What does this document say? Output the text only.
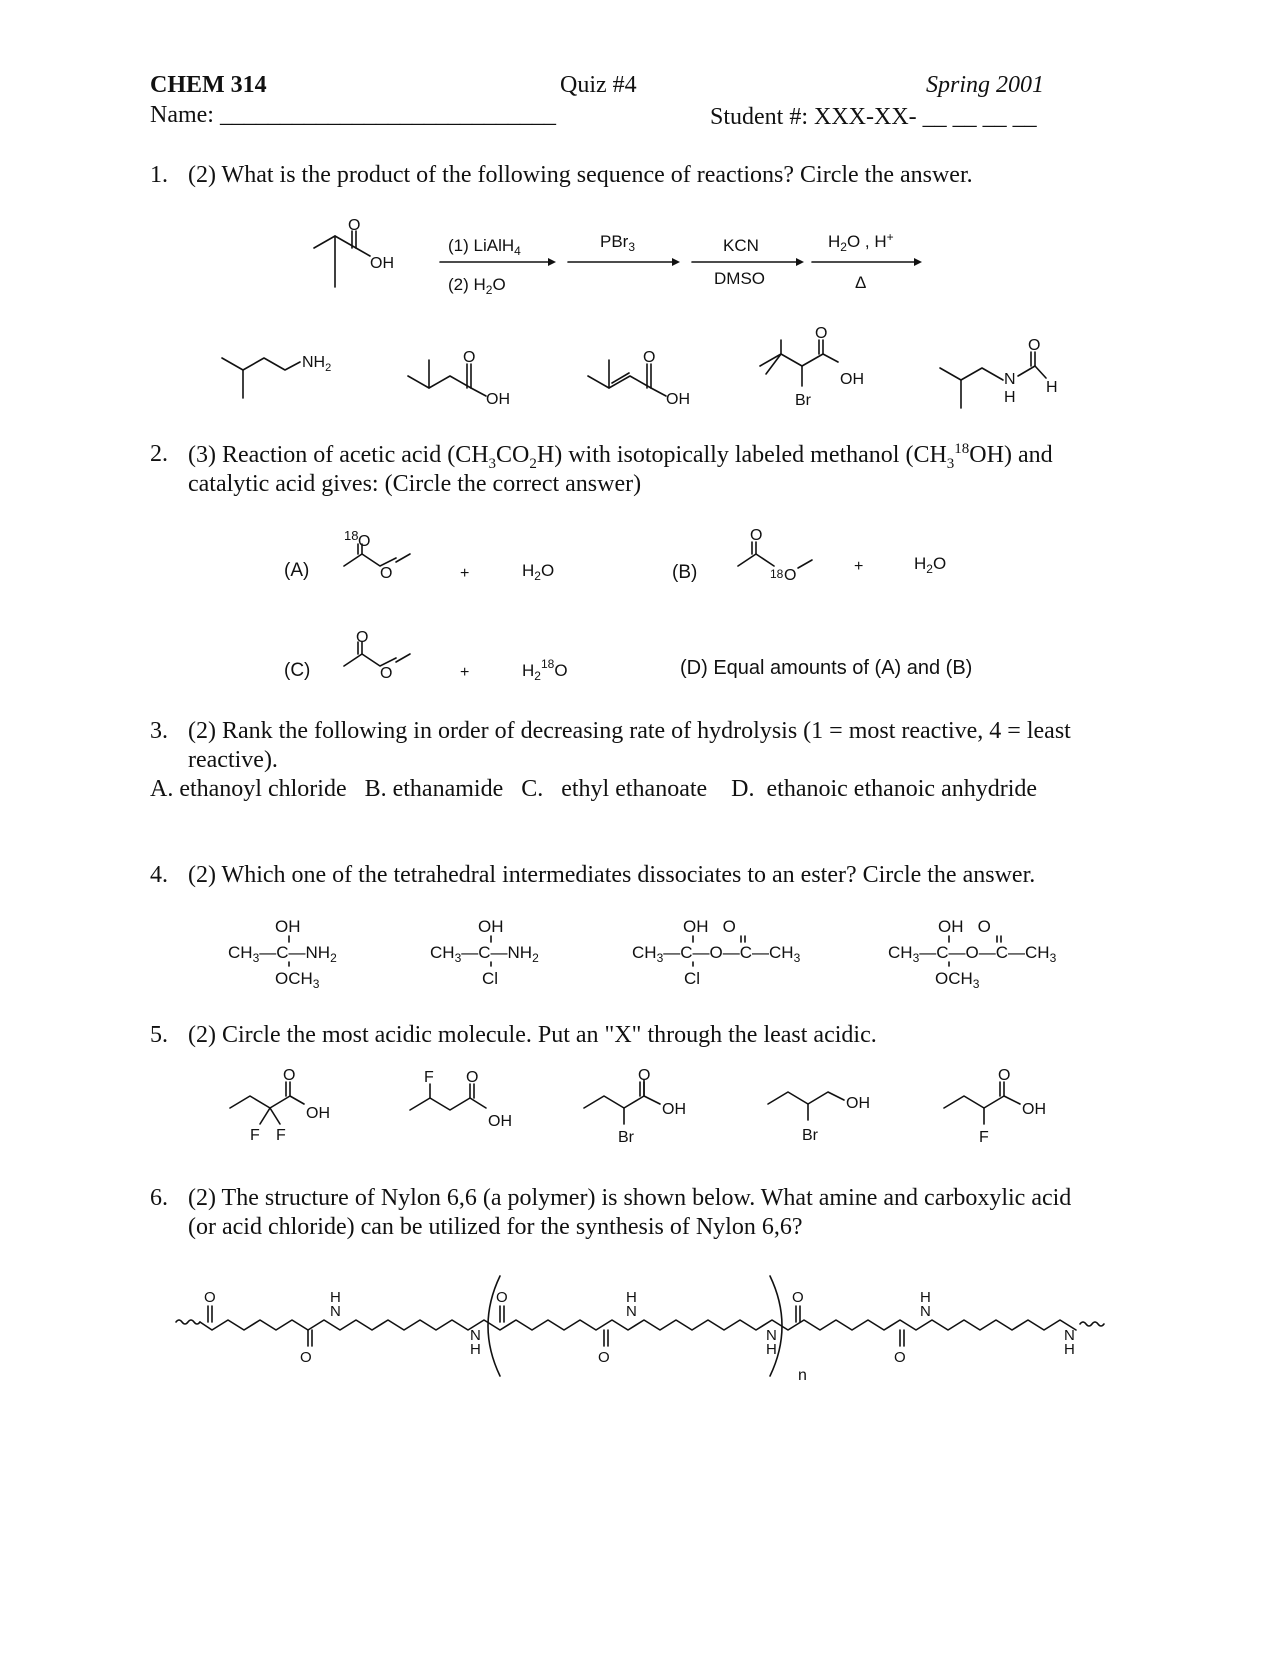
CHEM 314	Quiz #4	Spring 2001
Name: ____________________________	Student #: XXX-XX- __ __ __ __
1. (2) What is the product of the following sequence of reactions? Circle the answer.
2. (3) Reaction of acetic acid $(CH_3CO_2H)$ with isotopically labeled methanol $(CH_3^{18}OH)$ and
catalytic acid gives: (Circle the correct answer)
3. (2) Rank the following in order of decreasing rate of hydrolysis (1 = most reactive, 4 = least
reactive).
A. ethanoyl chloride   B. ethanamide   C.   ethyl ethanoate    D.  ethanoic ethanoic anhydride
4. (2) Which one of the tetrahedral intermediates dissociates to an ester? Circle the answer.
5. (2) Circle the most acidic molecule. Put an "X" through the least acidic.
6. (2) The structure of Nylon 6,6 (a polymer) is shown below. What amine and carboxylic acid
(or acid chloride) can be utilized for the synthesis of Nylon 6,6?
O
OH
(1) LiAlH$_4$
(2) $H_2O$
PBr$_3$	KCN
DMSO
$H_2O$ , H+
Δ
$NH_2$
O
OH
O
OH
O
OH
Br
N
H
O
H
(A)
18 O
O	+	$H_2O$	(B)
O
18 O
+	$H_2O$
(C)
O
O	+	$H_2^{18}O$	(D) Equal amounts of (A) and (B)
OH
$CH_3—C—NH_2$
$OCH_3$
OH
$CH_3—C—NH_2$
Cl
OH   O
$CH_3—C—O—C—CH_3$
Cl
OH   O
$CH_3—C—O—C—CH_3$
$OCH_3$
O
OH
F F
F O
OH
O
OH
Br
OH
Br
O
OH
F
O
O
O
O
O
O
N
H
N
H
N
H
N
H
N
H
N
H
n
